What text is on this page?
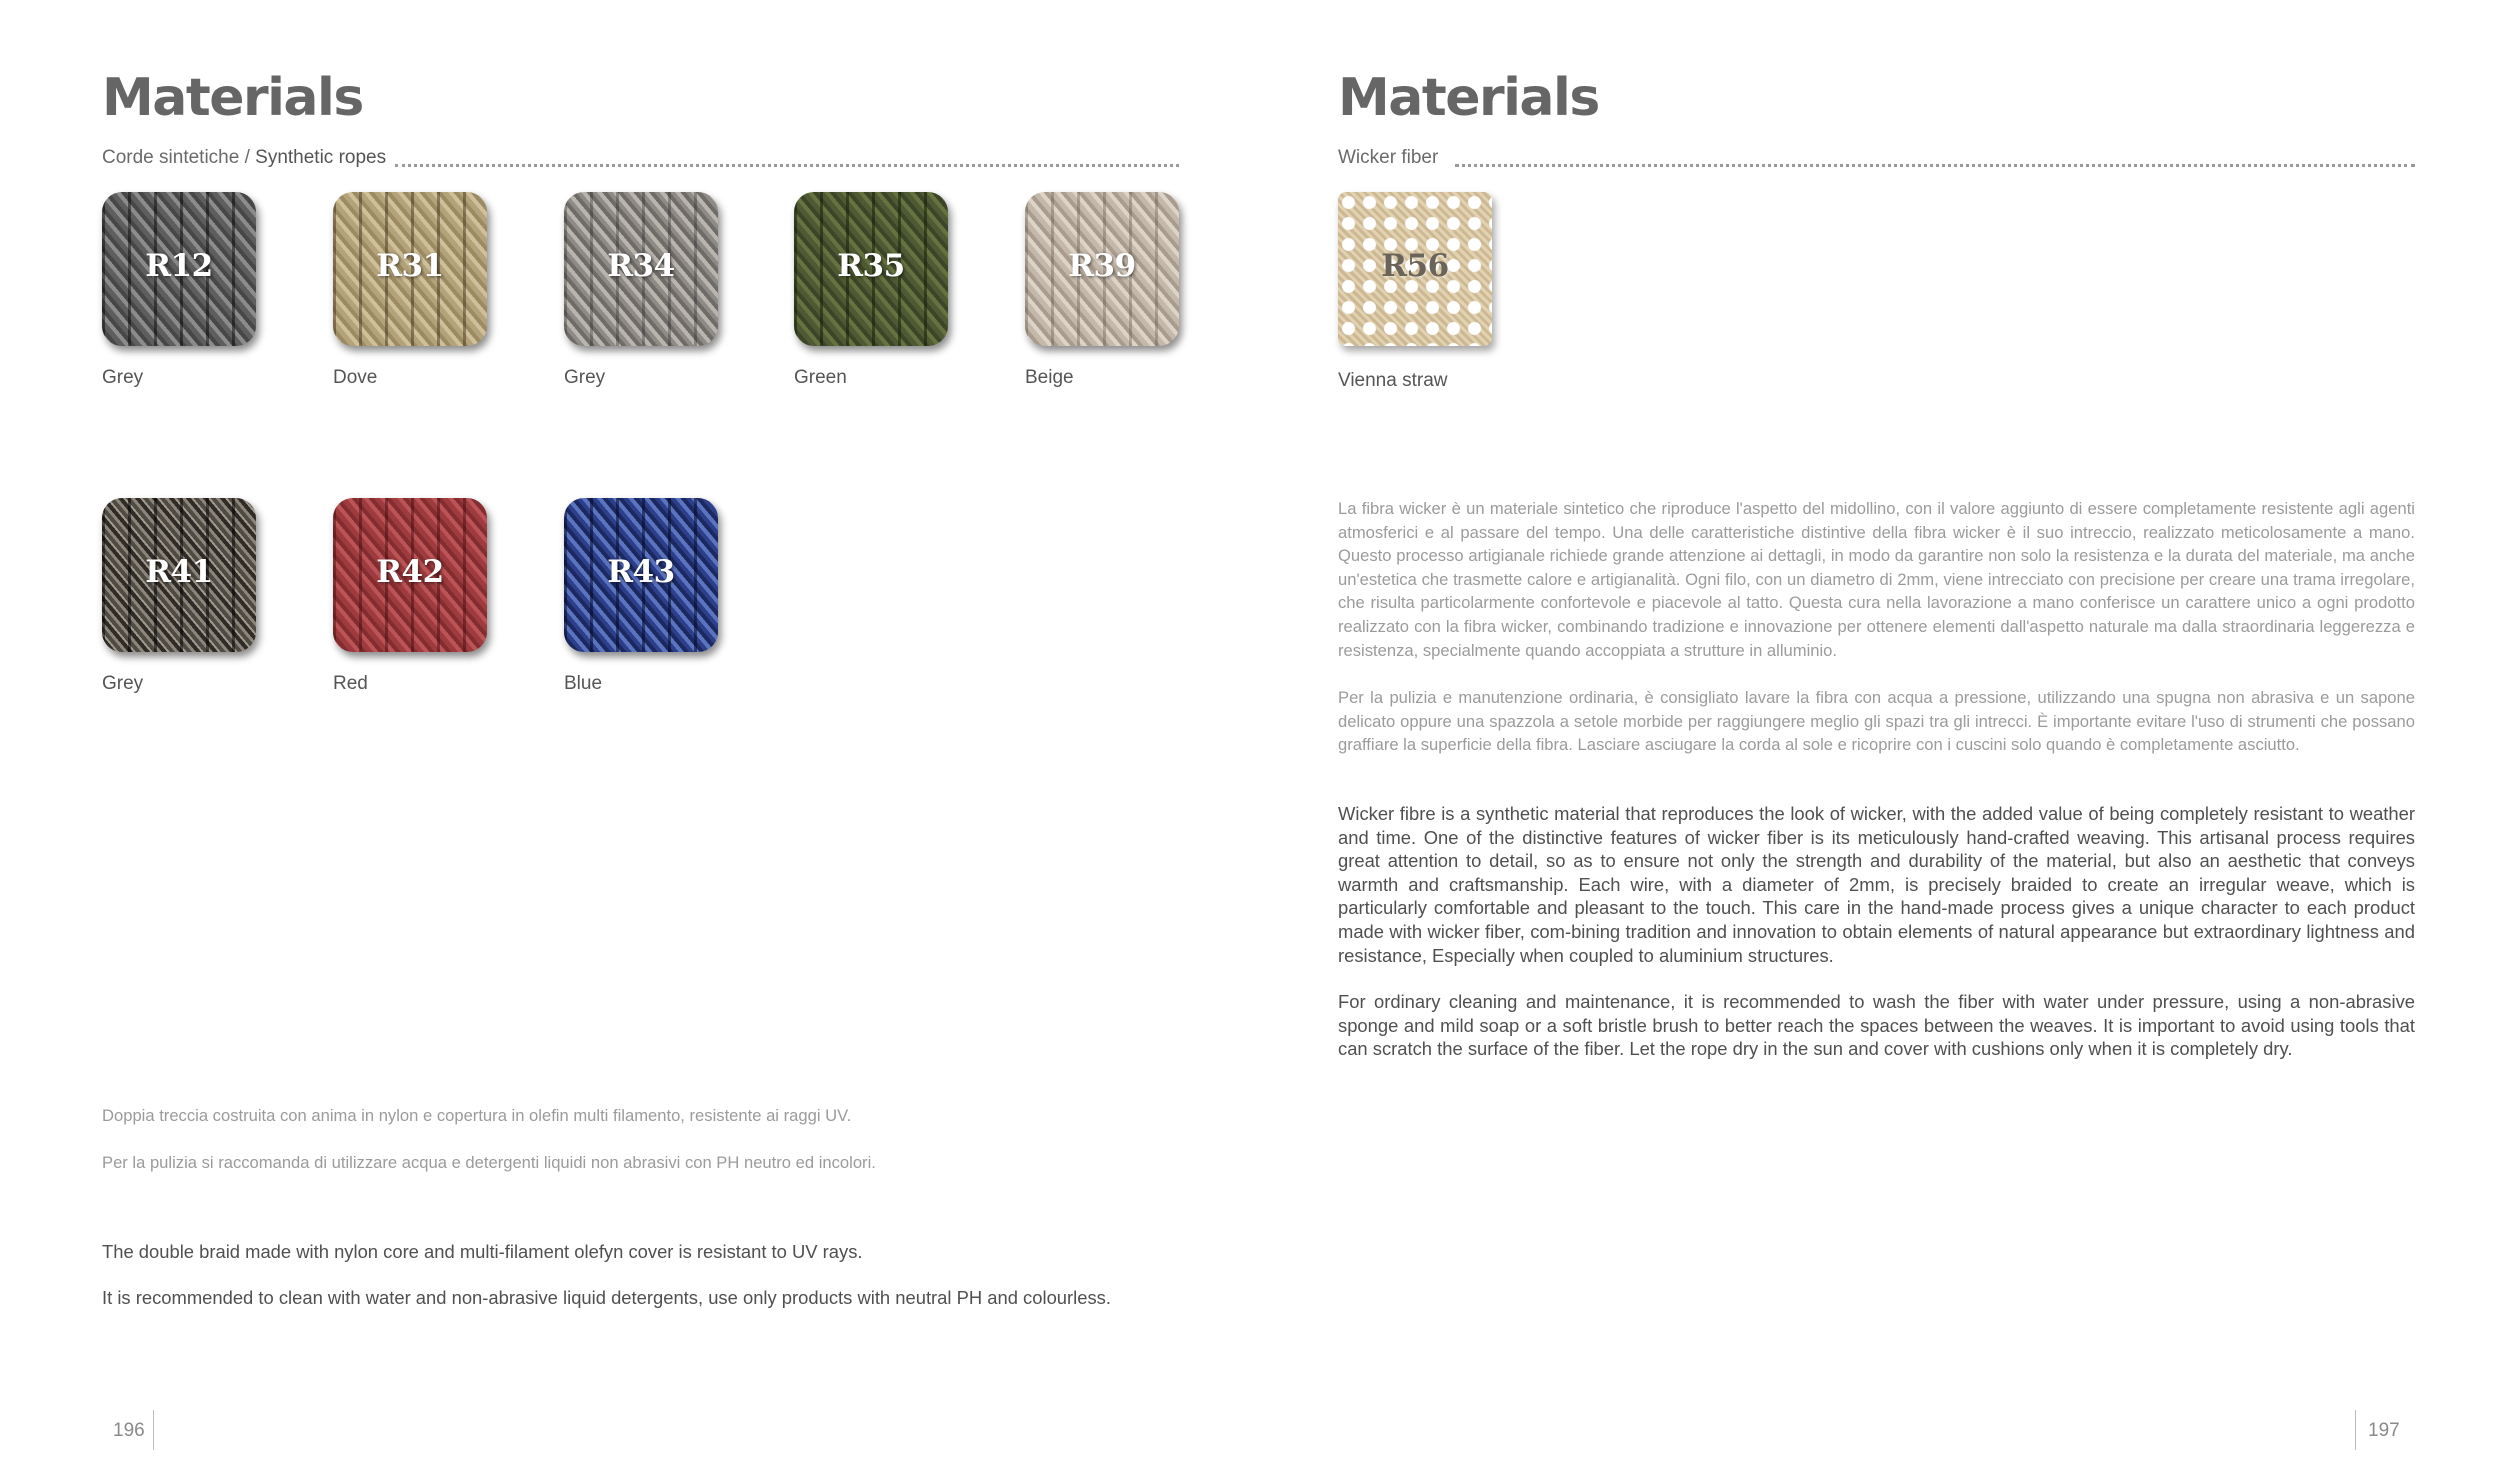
Materials
Corde sintetiche / Synthetic ropes
R12	R31	R34	R35	R39
Grey	Dove	Grey	Green	Beige
R41	R42	R43
Grey	Red	Blue
Doppia treccia costruita con anima in nylon e copertura in olefin multi filamento, resistente ai raggi UV.
Per la pulizia si raccomanda di utilizzare acqua e detergenti liquidi non abrasivi con PH neutro ed incolori.
The double braid made with nylon core and multi-filament olefyn cover is resistant to UV rays.
It is recommended to clean with water and non-abrasive liquid detergents, use only products with neutral PH and colourless.
196
Materials
Wicker fiber
R56
Vienna straw
La fibra wicker è un materiale sintetico che riproduce l'aspetto del midollino, con il valore aggiunto di essere completamente resistente agli agenti atmosferici e al passare del tempo. Una delle caratteristiche distintive della fibra wicker è il suo intreccio, realizzato meticolosamente a mano. Questo processo artigianale richiede grande attenzione ai dettagli, in modo da garantire non solo la resistenza e la durata del materiale, ma anche un'estetica che trasmette calore e artigianalità. Ogni filo, con un diametro di 2mm, viene intrecciato con precisione per creare una trama irregolare, che risulta particolarmente confortevole e piacevole al tatto. Questa cura nella lavorazione a mano conferisce un carattere unico a ogni prodotto realizzato con la fibra wicker, combinando tradizione e innovazione per ottenere elementi dall'aspetto naturale ma dalla straordinaria leggerezza e resistenza, specialmente quando accoppiata a strutture in alluminio.
Per la pulizia e manutenzione ordinaria, è consigliato lavare la fibra con acqua a pressione, utilizzando una spugna non abrasiva e un sapone delicato oppure una spazzola a setole morbide per raggiungere meglio gli spazi tra gli intrecci. È importante evitare l'uso di strumenti che possano graffiare la superficie della fibra. Lasciare asciugare la corda al sole e ricoprire con i cuscini solo quando è completamente asciutto.
Wicker fibre is a synthetic material that reproduces the look of wicker, with the added value of being completely resistant to weather and time. One of the distinctive features of wicker fiber is its meticulously hand-crafted weaving. This artisanal process requires great attention to detail, so as to ensure not only the strength and durability of the material, but also an aesthetic that conveys warmth and craftsmanship. Each wire, with a diameter of 2mm, is precisely braided to create an irregular weave, which is particularly comfortable and pleasant to the touch. This care in the hand-made process gives a unique character to each product made with wicker fiber, com-bining tradition and innovation to obtain elements of natural appearance but extraordinary lightness and resistance, Especially when coupled to aluminium structures.
For ordinary cleaning and maintenance, it is recommended to wash the fiber with water under pressure, using a non-abrasive sponge and mild soap or a soft bristle brush to better reach the spaces between the weaves. It is important to avoid using tools that can scratch the surface of the fiber. Let the rope dry in the sun and cover with cushions only when it is completely dry.
197
